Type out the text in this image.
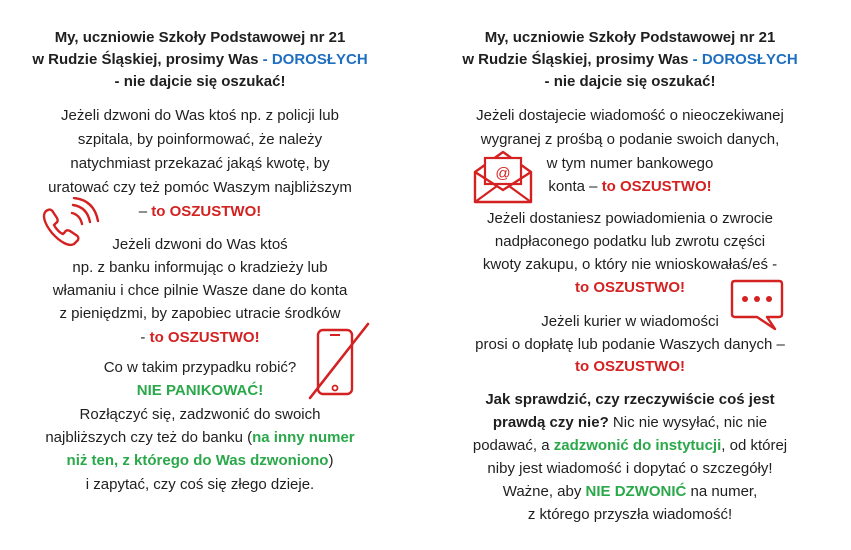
My, uczniowie Szkoły Podstawowej nr 21

w Rudzie Śląskiej, prosimy Was - DOROSŁYCH

- nie dajcie się oszukać!

Jeżeli dzwoni do Was ktoś np. z policji lub

szpitala, by poinformować, że należy

natychmiast przekazać jakąś kwotę, by

uratować czy też pomóc Waszym najbliższym

– to OSZUSTWO!

Jeżeli dzwoni do Was ktoś

np. z banku informując o kradzieży lub

włamaniu i chce pilnie Wasze dane do konta

z pieniędzmi, by zapobiec utracie środków

- to OSZUSTWO!

Co w takim przypadku robić?

NIE PANIKOWAĆ!

Rozłączyć się, zadzwonić do swoich

najbliższych czy też do banku (na inny numer

niż ten, z którego do Was dzwoniono)

i zapytać, czy coś się złego dzieje.

My, uczniowie Szkoły Podstawowej nr 21

w Rudzie Śląskiej, prosimy Was - DOROSŁYCH

- nie dajcie się oszukać!

Jeżeli dostajecie wiadomość o nieoczekiwanej

wygranej z prośbą o podanie swoich danych,

w tym numer bankowego

konta – to OSZUSTWO!

Jeżeli dostaniesz powiadomienia o zwrocie

nadpłaconego podatku lub zwrotu części

kwoty zakupu, o który nie wnioskowałaś/eś -

to OSZUSTWO!

Jeżeli kurier w wiadomości

prosi o dopłatę lub podanie Waszych danych –

to OSZUSTWO!

Jak sprawdzić, czy rzeczywiście coś jest

prawdą czy nie? Nic nie wysyłać, nic nie

podawać, a zadzwonić do instytucji, od której

niby jest wiadomość i dopytać o szczegóły!

Ważne, aby NIE DZWONIĆ na numer,

z którego przyszła wiadomość!

@
